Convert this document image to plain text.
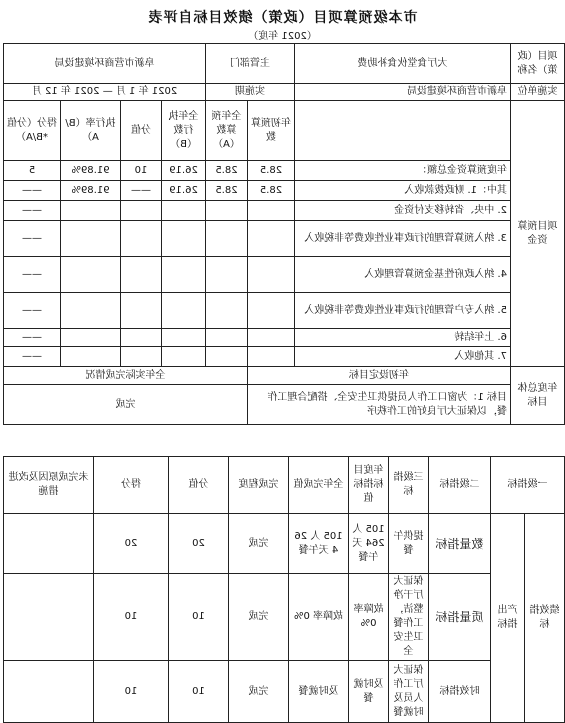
市本级预算项目（政策）绩效目标自评表
（2021 年度）
项目（政策）名称	大厅食堂伙食补助费	主管部门		阜新市营商环境建设局			
实施单位	阜新市营商环境建设局	实施期		2021 年 1 月 — 2021 年 12 月			
项目预算资金		年初预算数	全年预算数（A）	全年执行数（B）	分值	执行率（B/A）	得分（分值*B/A）
	年度预算资金总额：	28.5	28.5	26.19	10	91.89%	5
	其中：1. 财政拨款收入	28.5	28.5	26.19	——	91.89%	——
	2. 中央、省转移支付资金						——
	3. 纳入预算管理的行政事业性收费等非税收入						——
	4. 纳入政府性基金预算管理收入						——
	5. 纳入专户管理的行政事业性收费等非税收入						——
	6. 上年结转						——
	7. 其他收入						——
年度总体目标	年初设定目标		全年实际完成情况				
	目标 1：为窗口工作人员提供卫生安全、搭配合理工作餐，以保证大厅良好的工作秩序		完成				
一级指标		二级指标	三级指标	年度目标指标值	全年完成值	完成程度	分值	得分	未完成原因及改进措施
绩效指标	产出指标	数量指标	提供午餐	105 人 264 天午餐	105 人 264 天午餐	完成	20	20	
		质量指标	保证大厅干净整洁，工作餐卫生安全	故障率 0%	故障率 0%	完成	10	10	
		时效指标	保证大厅工作人员及时就餐	及时就餐	及时就餐	完成	10	10	
